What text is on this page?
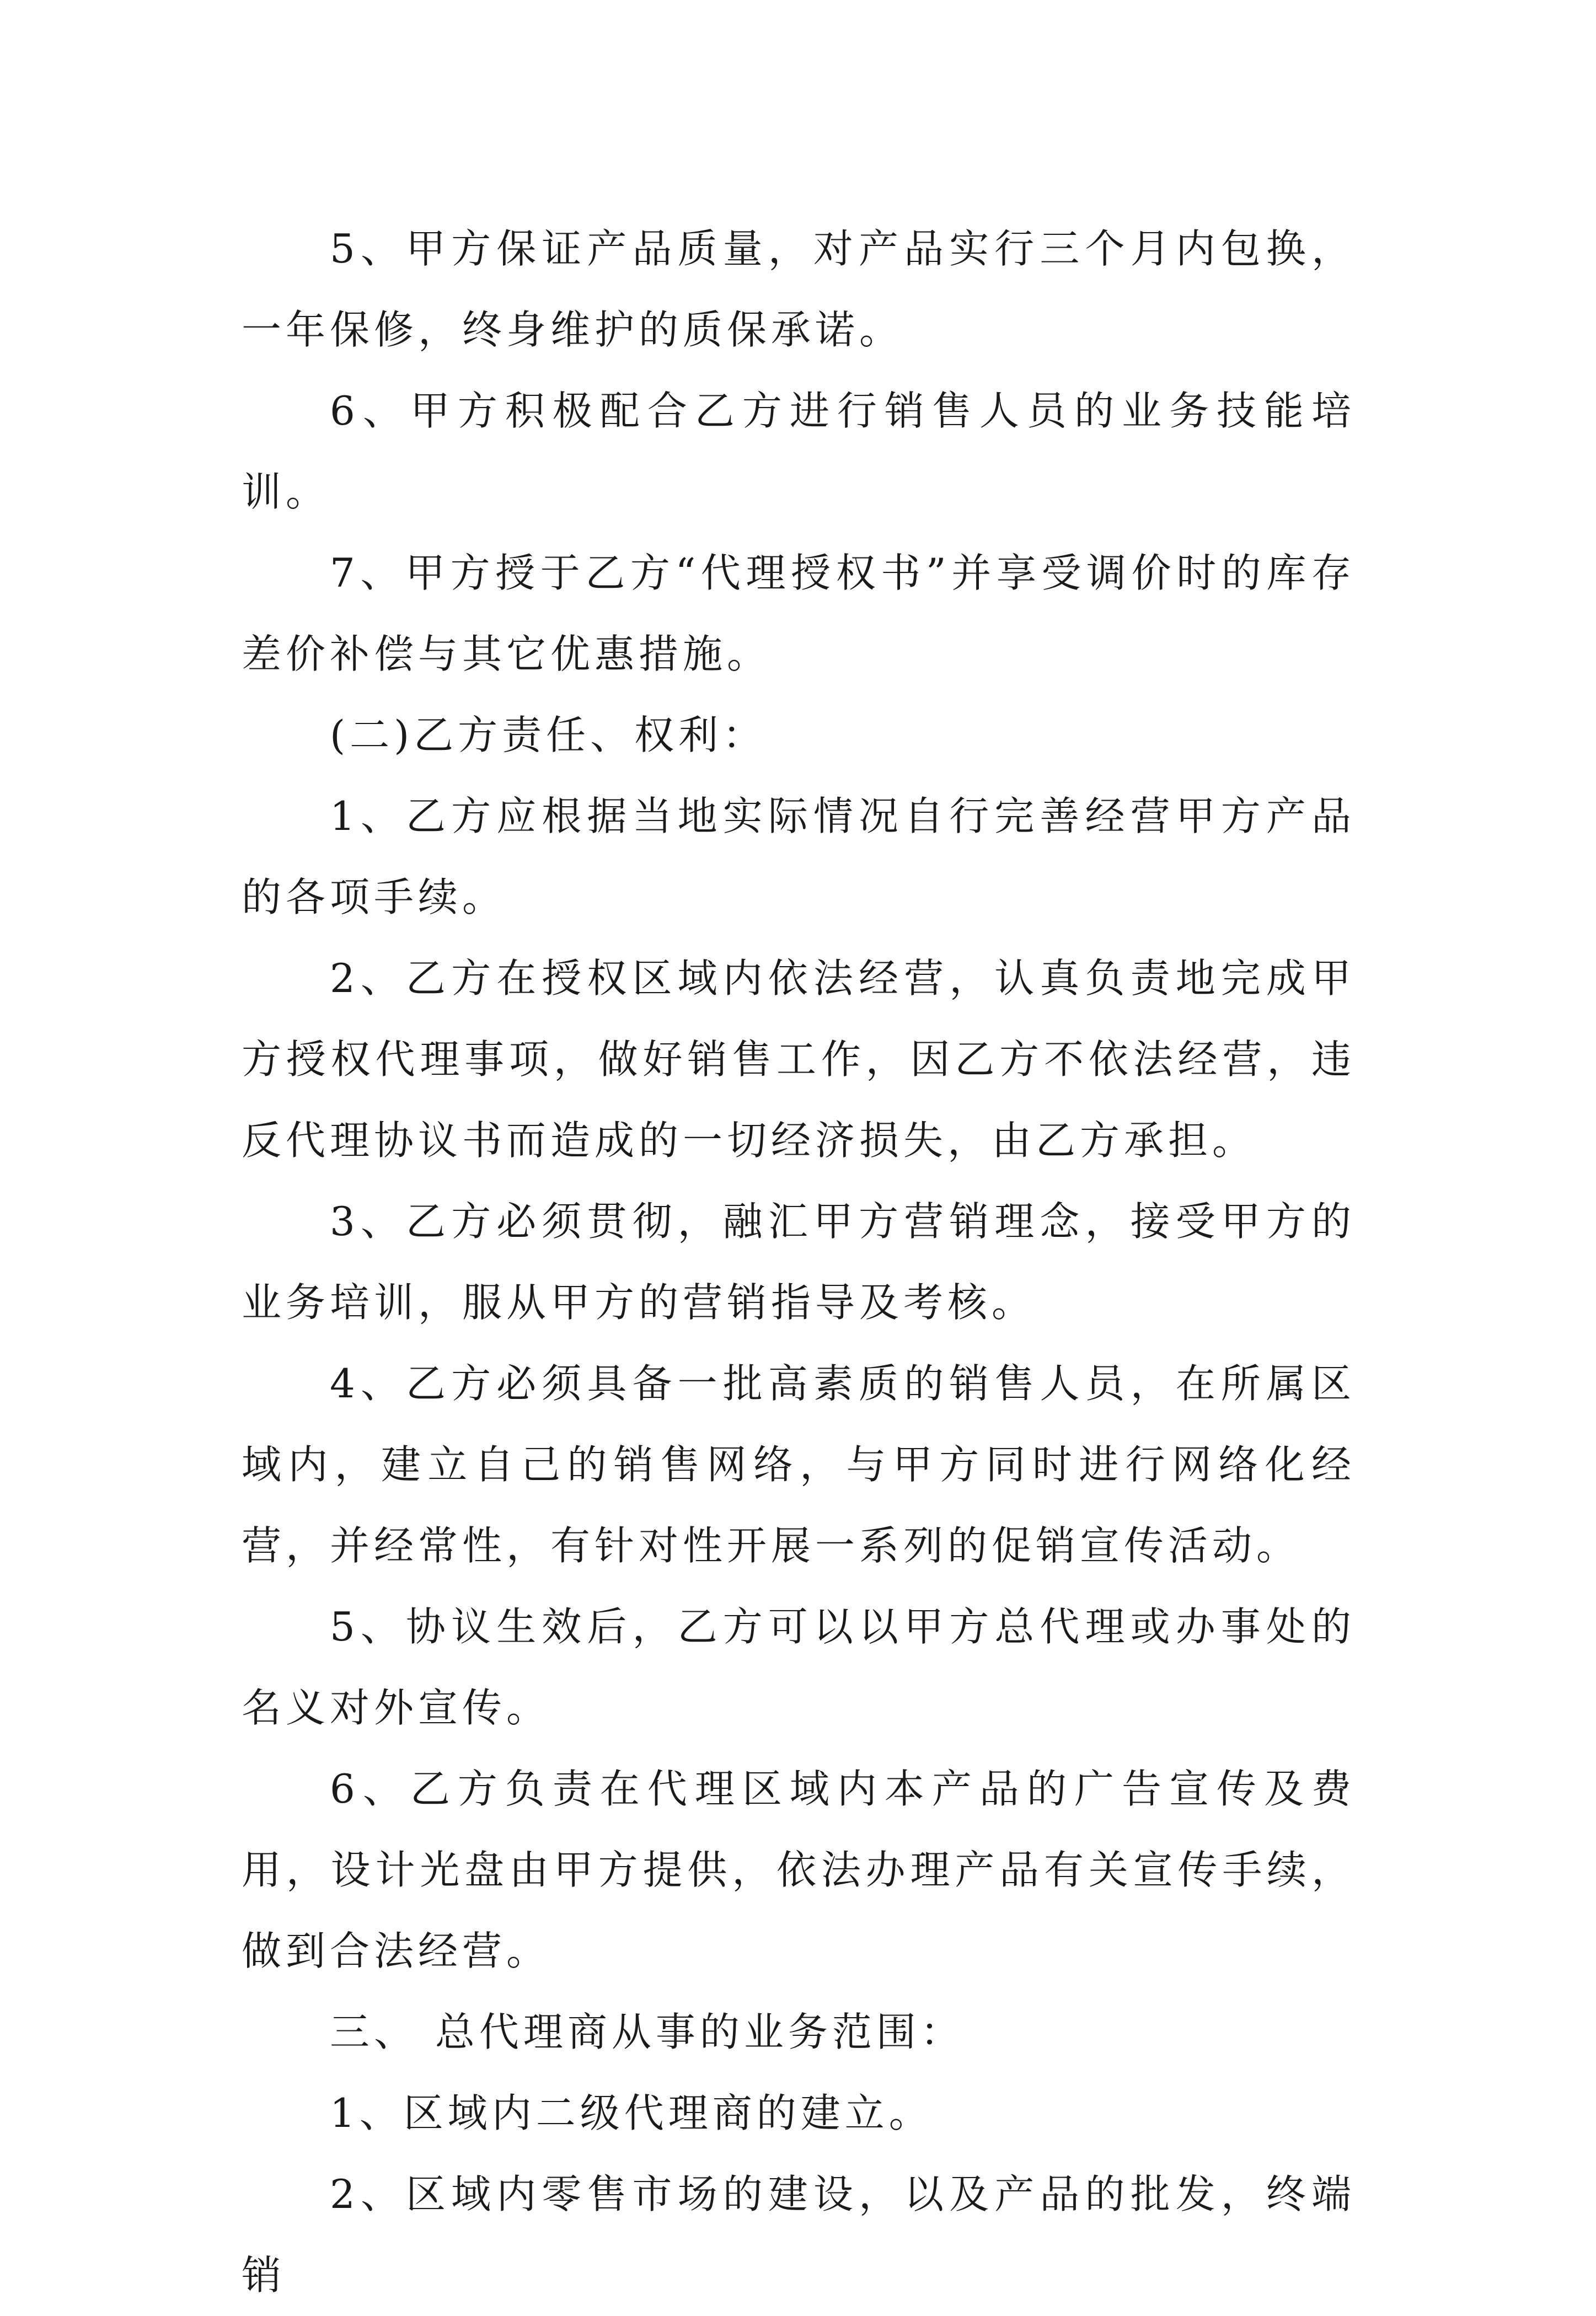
5、甲方保证产品质量，对产品实行三个月内包换，一年保修，终身维护的质保承诺。

6、甲方积极配合乙方进行销售人员的业务技能培训。

7、甲方授于乙方“代理授权书”并享受调价时的库存差价补偿与其它优惠措施。

(二)乙方责任、权利：

1、乙方应根据当地实际情况自行完善经营甲方产品的各项手续。

2、乙方在授权区域内依法经营，认真负责地完成甲方授权代理事项，做好销售工作，因乙方不依法经营，违反代理协议书而造成的一切经济损失，由乙方承担。

3、乙方必须贯彻，融汇甲方营销理念，接受甲方的业务培训，服从甲方的营销指导及考核。

4、乙方必须具备一批高素质的销售人员，在所属区域内，建立自己的销售网络，与甲方同时进行网络化经营，并经常性，有针对性开展一系列的促销宣传活动。

5、协议生效后，乙方可以以甲方总代理或办事处的名义对外宣传。

6、乙方负责在代理区域内本产品的广告宣传及费用，设计光盘由甲方提供，依法办理产品有关宣传手续，做到合法经营。

三、 总代理商从事的业务范围：

1、区域内二级代理商的建立。

2、区域内零售市场的建设，以及产品的批发，终端销
